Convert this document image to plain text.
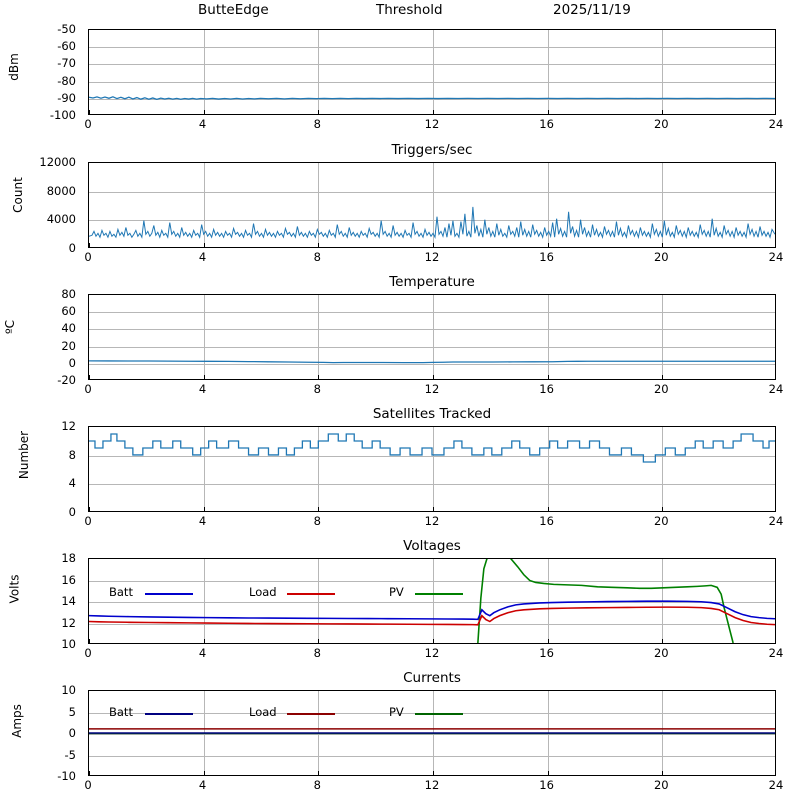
ButteEdge	Threshold	2025/11/19
dBm
-50
-60
-70
-80
-90
-100
0	4	8	12	16	20	24
Triggers/sec
Count
12000
8000
4000
0
0	4	8	12	16	20	24
Temperature
ºC
80
60
40
20
0
-20
0	4	8	12	16	20	24
Satellites Tracked
Number
12
8
4
0
0	4	8	12	16	20	24
Voltages
Volts
18
16
14
12
10
Batt	Load	PV
0	4	8	12	16	20	24
Currents
Amps
10
5
0
-5
-10
Batt	Load	PV
0	4	8	12	16	20	24
